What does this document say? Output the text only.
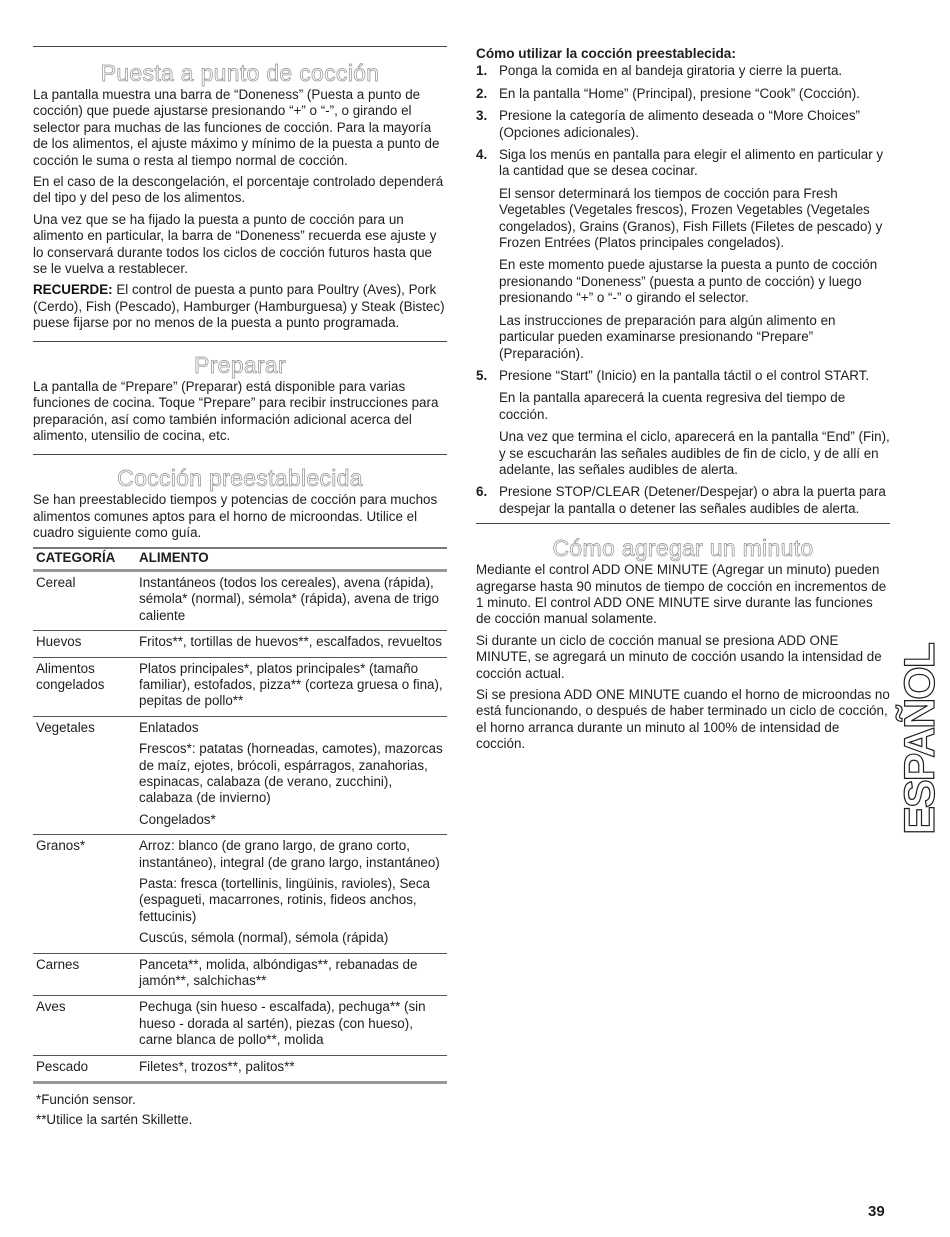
Puesta a punto de cocción

La pantalla muestra una barra de “Doneness” (Puesta a punto de cocción) que puede ajustarse presionando “+” o “-”, o girando el selector para muchas de las funciones de cocción. Para la mayoría de los alimentos, el ajuste máximo y mínimo de la puesta a punto de cocción le suma o resta al tiempo normal de cocción.

En el caso de la descongelación, el porcentaje controlado dependerá del tipo y del peso de los alimentos.

Una vez que se ha fijado la puesta a punto de cocción para un alimento en particular, la barra de “Doneness” recuerda ese ajuste y lo conservará durante todos los ciclos de cocción futuros hasta que se le vuelva a restablecer.

RECUERDE: El control de puesta a punto para Poultry (Aves), Pork (Cerdo), Fish (Pescado), Hamburger (Hamburguesa) y Steak (Bistec) puese fijarse por no menos de la puesta a punto programada.

Preparar

La pantalla de “Prepare” (Preparar) está disponible para varias funciones de cocina. Toque “Prepare” para recibir instrucciones para preparación, así como también información adicional acerca del alimento, utensilio de cocina, etc.

Cocción preestablecida

Se han preestablecido tiempos y potencias de cocción para muchos alimentos comunes aptos para el horno de microondas. Utilice el cuadro siguiente como guía.

CATEGORÍA	ALIMENTO
Cereal	Instantáneos (todos los cereales), avena (rápida), sémola* (normal), sémola* (rápida), avena de trigo caliente

Huevos	Fritos**, tortillas de huevos**, escalfados, revueltos

Alimentos congelados	Platos principales*, platos principales* (tamaño familiar), estofados, pizza** (corteza gruesa o fina), pepitas de pollo**

Vegetales	Enlatados

Frescos*: patatas (horneadas, camotes), mazorcas de maíz, ejotes, brócoli, espárragos, zanahorias, espinacas, calabaza (de verano, zucchini), calabaza (de invierno)

Congelados*

Granos*	Arroz: blanco (de grano largo, de grano corto, instantáneo), integral (de grano largo, instantáneo)

Pasta: fresca (tortellinis, lingüinis, ravioles), Seca (espagueti, macarrones, rotinis, fideos anchos, fettucinis)

Cuscús, sémola (normal), sémola (rápida)

Carnes	Panceta**, molida, albóndigas**, rebanadas de jamón**, salchichas**

Aves	Pechuga (sin hueso - escalfada), pechuga** (sin hueso - dorada al sartén), piezas (con hueso), carne blanca de pollo**, molida

Pescado	Filetes*, trozos**, palitos**

*Función sensor.

**Utilice la sartén Skillette.

Cómo utilizar la cocción preestablecida:
1. Ponga la comida en al bandeja giratoria y cierre la puerta.

2. En la pantalla “Home” (Principal), presione “Cook” (Cocción).

3. Presione la categoría de alimento deseada o “More Choices” (Opciones adicionales).

4. Siga los menús en pantalla para elegir el alimento en particular y la cantidad que se desea cocinar.

El sensor determinará los tiempos de cocción para Fresh Vegetables (Vegetales frescos), Frozen Vegetables (Vegetales congelados), Grains (Granos), Fish Fillets (Filetes de pescado) y Frozen Entrées (Platos principales congelados).

En este momento puede ajustarse la puesta a punto de cocción presionando “Doneness” (puesta a punto de cocción) y luego presionando “+” o “-” o girando el selector.

Las instrucciones de preparación para algún alimento en particular pueden examinarse presionando “Prepare” (Preparación).

5. Presione “Start” (Inicio) en la pantalla táctil o el control START.

En la pantalla aparecerá la cuenta regresiva del tiempo de cocción.

Una vez que termina el ciclo, aparecerá en la pantalla “End” (Fin), y se escucharán las señales audibles de fin de ciclo, y de allí en adelante, las señales audibles de alerta.

6. Presione STOP/CLEAR (Detener/Despejar) o abra la puerta para despejar la pantalla o detener las señales audibles de alerta.

Cómo agregar un minuto

Mediante el control ADD ONE MINUTE (Agregar un minuto) pueden agregarse hasta 90 minutos de tiempo de cocción en incrementos de 1 minuto. El control ADD ONE MINUTE sirve durante las funciones de cocción manual solamente.

Si durante un ciclo de cocción manual se presiona ADD ONE MINUTE, se agregará un minuto de cocción usando la intensidad de cocción actual.

Si se presiona ADD ONE MINUTE cuando el horno de microondas no está funcionando, o después de haber terminado un ciclo de cocción, el horno arranca durante un minuto al 100% de intensidad de cocción.	ESPAÑOL
39
